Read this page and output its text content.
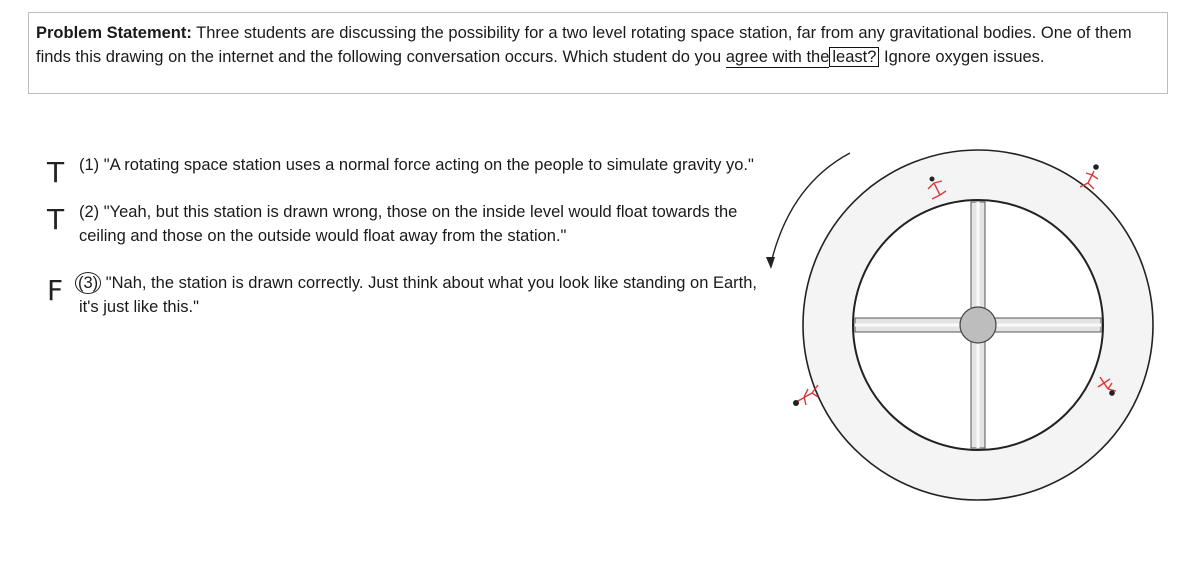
Problem Statement: Three students are discussing the possibility for a two level rotating space station, far from any gravitational bodies. One of them finds this drawing on the internet and the following conversation occurs. Which student do you agree with the least? Ignore oxygen issues.
T (1) "A rotating space station uses a normal force acting on the people to simulate gravity yo."
T (2) "Yeah, but this station is drawn wrong, those on the inside level would float towards the ceiling and those on the outside would float away from the station."
F (3) "Nah, the station is drawn correctly. Just think about what you look like standing on Earth, it's just like this."
